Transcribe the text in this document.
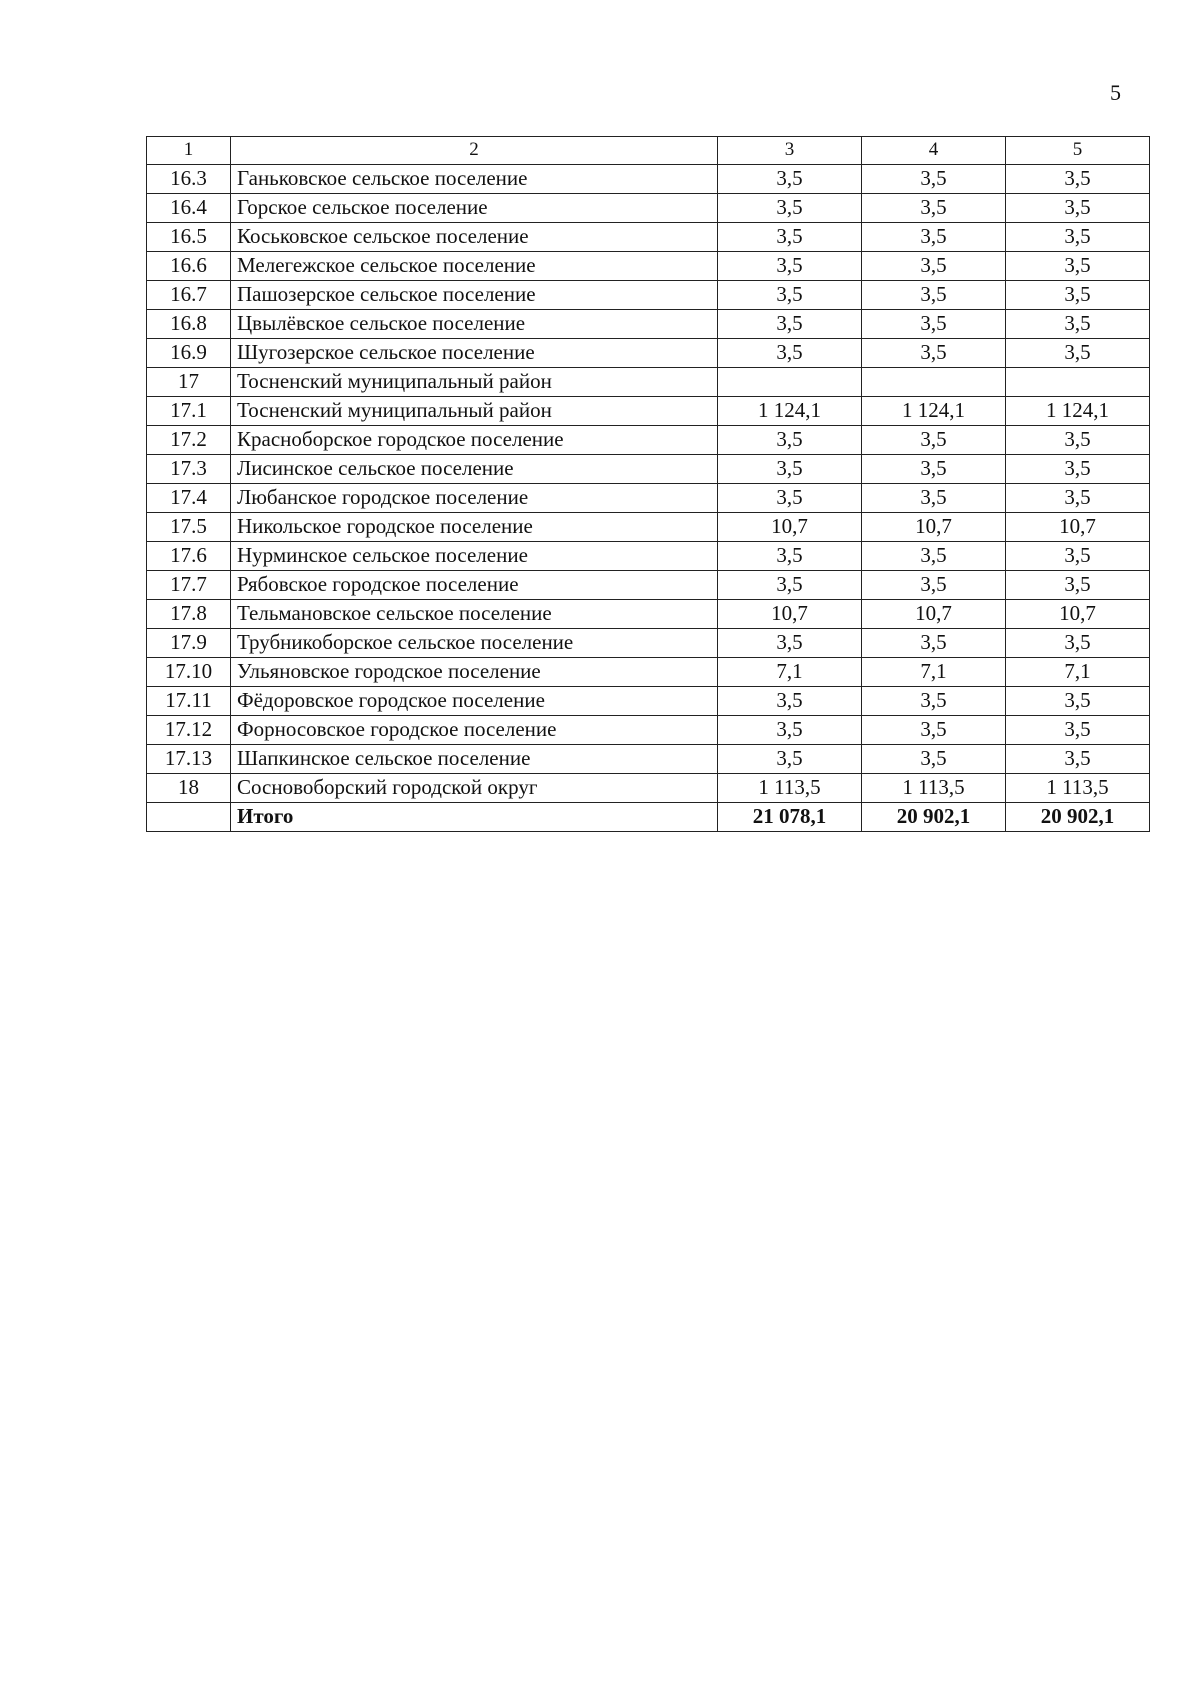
5
1	2	3	4	5
16.3	Ганьковское сельское поселение	3,5	3,5	3,5
16.4	Горское сельское поселение	3,5	3,5	3,5
16.5	Коськовское сельское поселение	3,5	3,5	3,5
16.6	Мелегежское сельское поселение	3,5	3,5	3,5
16.7	Пашозерское сельское поселение	3,5	3,5	3,5
16.8	Цвылёвское сельское поселение	3,5	3,5	3,5
16.9	Шугозерское сельское поселение	3,5	3,5	3,5
17	Тосненский муниципальный район			
17.1	Тосненский муниципальный район	1 124,1	1 124,1	1 124,1
17.2	Красноборское городское поселение	3,5	3,5	3,5
17.3	Лисинское сельское поселение	3,5	3,5	3,5
17.4	Любанское городское поселение	3,5	3,5	3,5
17.5	Никольское городское поселение	10,7	10,7	10,7
17.6	Нурминское сельское поселение	3,5	3,5	3,5
17.7	Рябовское городское поселение	3,5	3,5	3,5
17.8	Тельмановское сельское поселение	10,7	10,7	10,7
17.9	Трубникоборское сельское поселение	3,5	3,5	3,5
17.10	Ульяновское городское поселение	7,1	7,1	7,1
17.11	Фёдоровское городское поселение	3,5	3,5	3,5
17.12	Форносовское городское поселение	3,5	3,5	3,5
17.13	Шапкинское сельское поселение	3,5	3,5	3,5
18	Сосновоборский городской округ	1 113,5	1 113,5	1 113,5
	Итого	21 078,1	20 902,1	20 902,1
